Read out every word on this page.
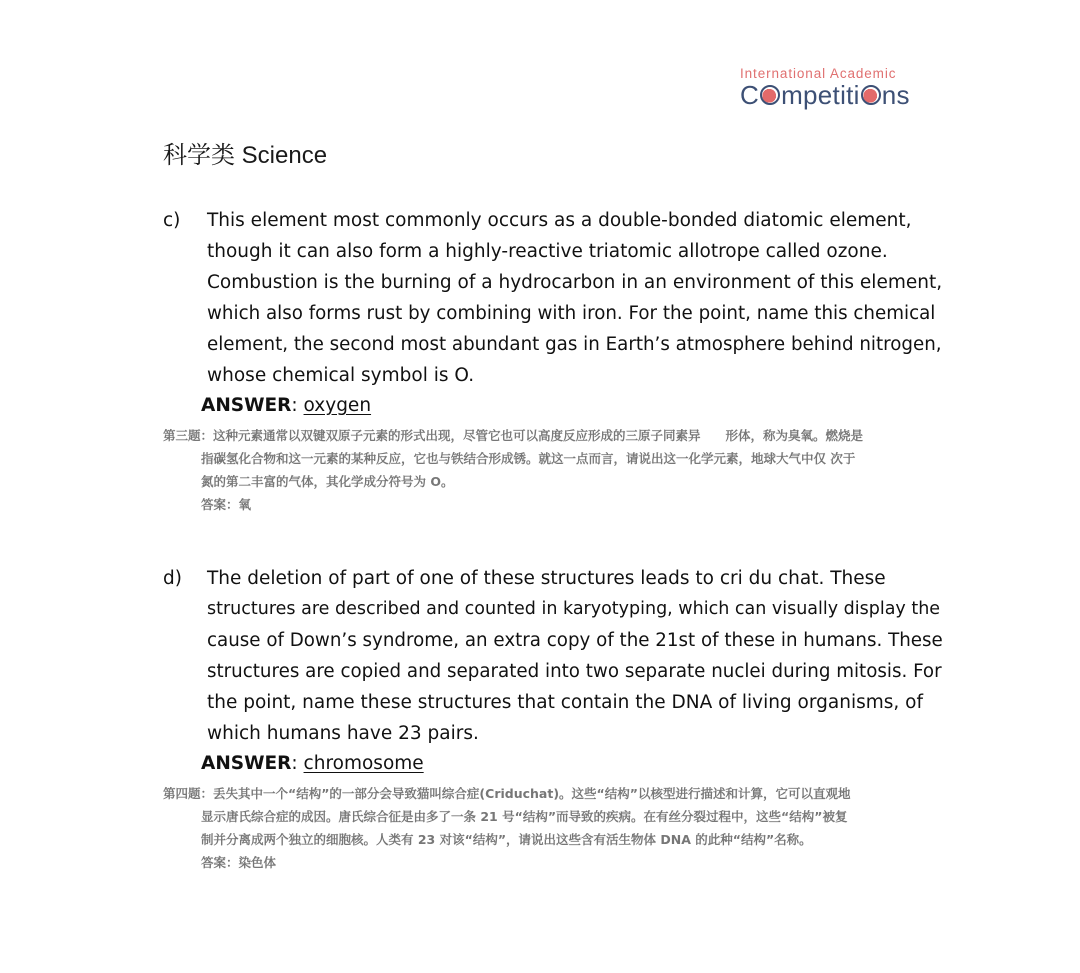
International Academic
C mpetiti ns
科学类 Science
c) This element most commonly occurs as a double-bonded diatomic element,
though it can also form a highly-reactive triatomic allotrope called ozone.
Combustion is the burning of a hydrocarbon in an environment of this element,
which also forms rust by combining with iron. For the point, name this chemical
element, the second most abundant gas in Earth’s atmosphere behind nitrogen,
whose chemical symbol is O.
ANSWER: oxygen
第三题：这种元素通常以双键双原子元素的形式出现，尽管它也可以高度反应形成的三原子同素异　　形体，称为臭氧。燃烧是
指碳氢化合物和这一元素的某种反应，它也与铁结合形成锈。就这一点而言，请说出这一化学元素，地球大气中仅 次于
氮的第二丰富的气体，其化学成分符号为 O。
答案：氧
d) The deletion of part of one of these structures leads to cri du chat. These
structures are described and counted in karyotyping, which can visually display the
cause of Down’s syndrome, an extra copy of the 21st of these in humans. These
structures are copied and separated into two separate nuclei during mitosis. For
the point, name these structures that contain the DNA of living organisms, of
which humans have 23 pairs.
ANSWER: chromosome
第四题：丢失其中一个“结构”的一部分会导致猫叫综合症(Criduchat)。这些“结构”以核型进行描述和计算，它可以直观地
显示唐氏综合症的成因。唐氏综合征是由多了一条 21 号“结构”而导致的疾病。在有丝分裂过程中，这些“结构”被复
制并分离成两个独立的细胞核。人类有 23 对该“结构”，请说出这些含有活生物体 DNA 的此种“结构”名称。
答案：染色体
